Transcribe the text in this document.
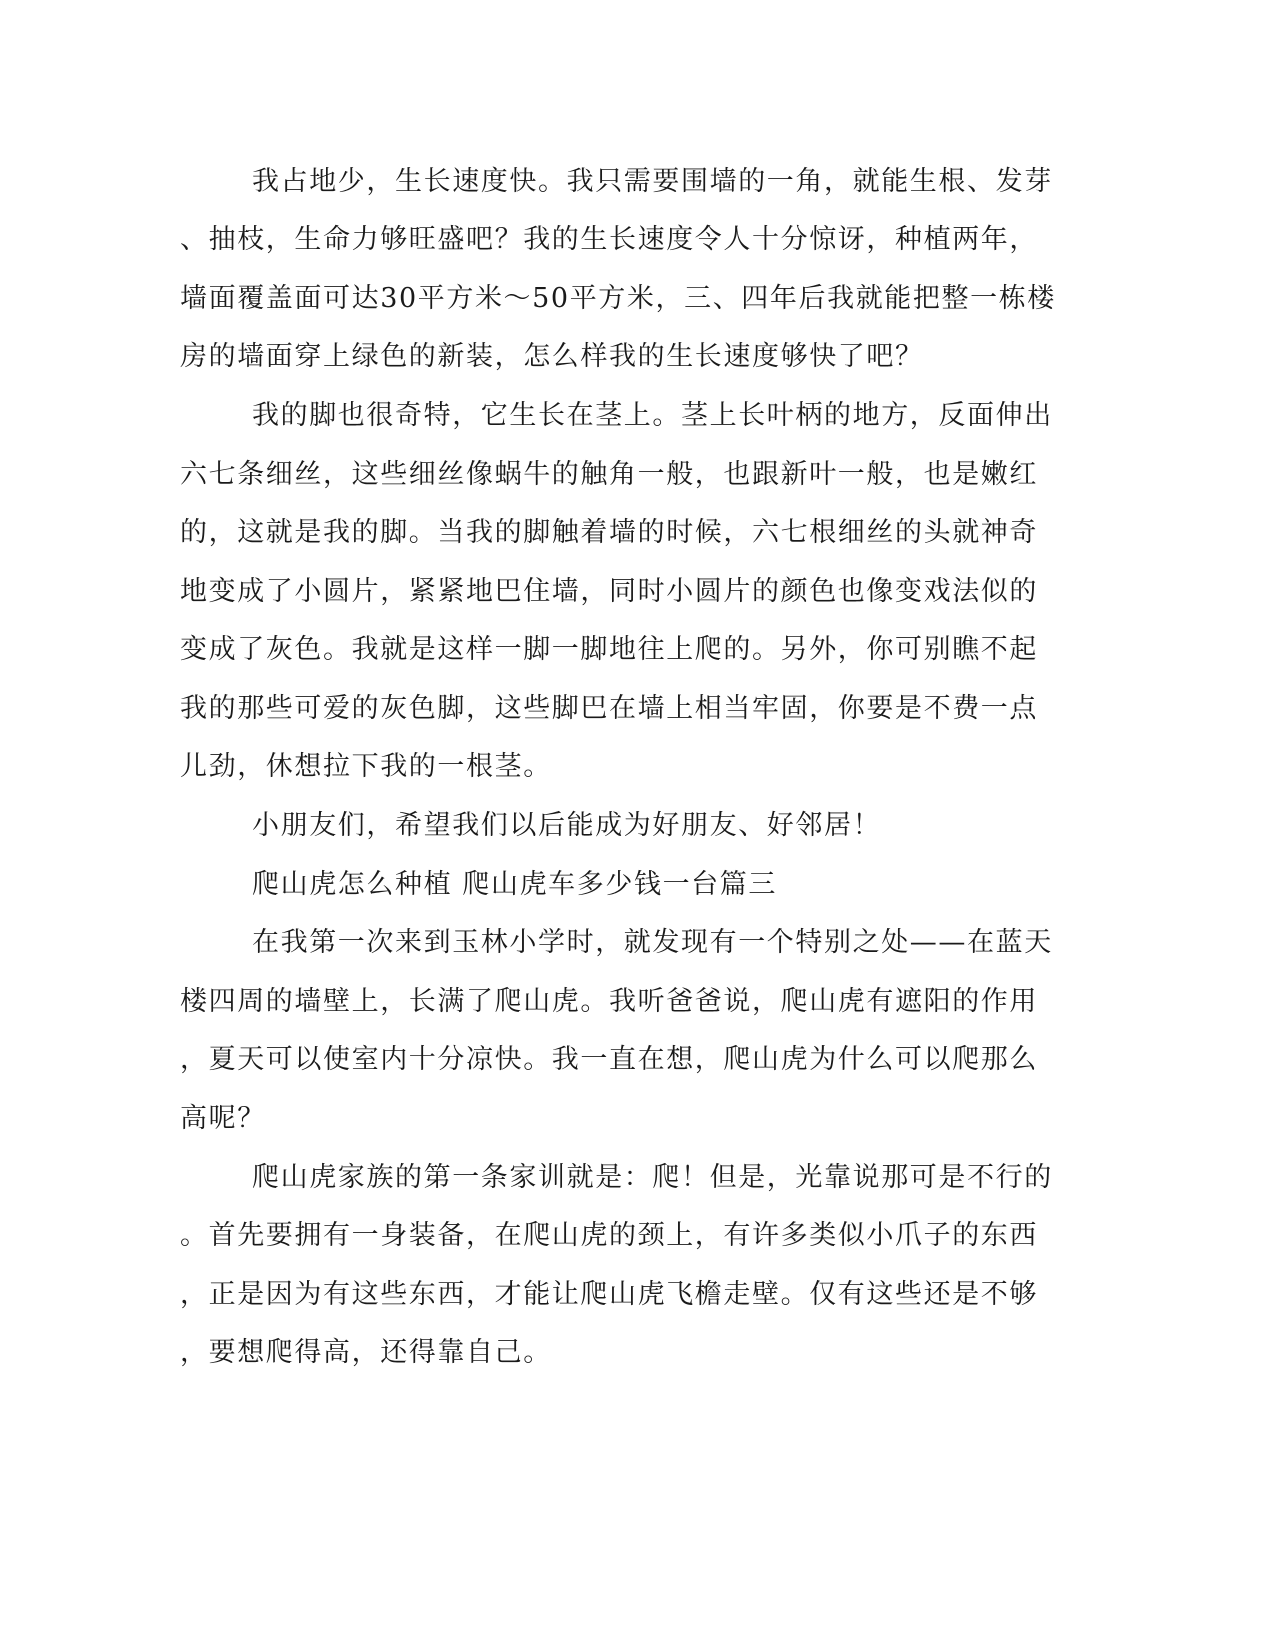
我占地少，生长速度快。我只需要围墙的一角，就能生根、发芽
、抽枝，生命力够旺盛吧？我的生长速度令人十分惊讶，种植两年，
墙面覆盖面可达30平方米～50平方米，三、四年后我就能把整一栋楼
房的墙面穿上绿色的新装，怎么样我的生长速度够快了吧？
我的脚也很奇特，它生长在茎上。茎上长叶柄的地方，反面伸出
六七条细丝，这些细丝像蜗牛的触角一般，也跟新叶一般，也是嫩红
的，这就是我的脚。当我的脚触着墙的时候，六七根细丝的头就神奇
地变成了小圆片，紧紧地巴住墙，同时小圆片的颜色也像变戏法似的
变成了灰色。我就是这样一脚一脚地往上爬的。另外，你可别瞧不起
我的那些可爱的灰色脚，这些脚巴在墙上相当牢固，你要是不费一点
儿劲，休想拉下我的一根茎。
小朋友们，希望我们以后能成为好朋友、好邻居！
爬山虎怎么种植 爬山虎车多少钱一台篇三
在我第一次来到玉林小学时，就发现有一个特别之处——在蓝天
楼四周的墙壁上，长满了爬山虎。我听爸爸说，爬山虎有遮阳的作用
，夏天可以使室内十分凉快。我一直在想，爬山虎为什么可以爬那么
高呢？
爬山虎家族的第一条家训就是：爬！但是，光靠说那可是不行的
。首先要拥有一身装备，在爬山虎的颈上，有许多类似小爪子的东西
，正是因为有这些东西，才能让爬山虎飞檐走壁。仅有这些还是不够
，要想爬得高，还得靠自己。
